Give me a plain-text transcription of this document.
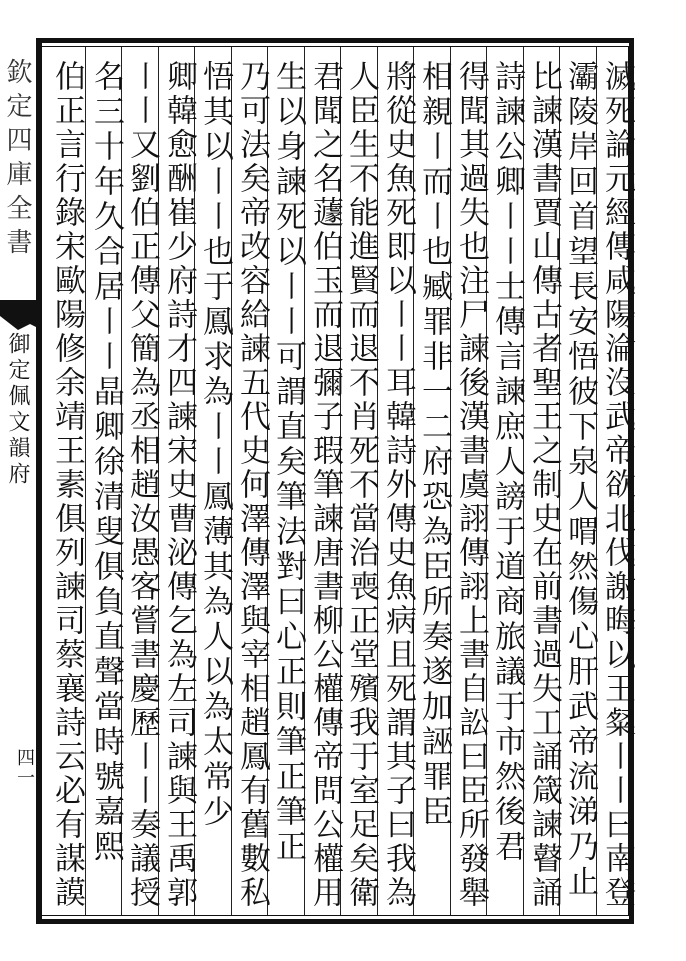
欽定四庫全書
御定佩文韻府
四一	滅死論元經傳咸陽淪沒武帝欲北伐謝晦以王粲〡〡曰南登
灞陵岸回首望長安悟彼下泉人喟然傷心肝武帝流涕乃止
比諫漢書賈山傳古者聖王之制史在前書過失工誦箴諫瞽誦
詩諫公卿〡〡士傳言諫庶人謗于道商旅議于市然後君
得聞其過失也注尸諫後漢書虞詡傳詡上書自訟曰臣所發舉
相親〡而〡也臧罪非一二府恐為臣所奏遂加誣罪臣
將從史魚死即以〡〡耳韓詩外傳史魚病且死謂其子曰我為
人臣生不能進賢而退不肖死不當治喪正堂殯我于室足矣衛
君聞之名蘧伯玉而退彌子瑕筆諫唐書柳公權傳帝問公權用
生以身諫死以〡〡可謂直矣筆法對曰心正則筆正筆正
乃可法矣帝改容給諫五代史何澤傳澤與宰相趙鳳有舊數私
悟其以〡〡也于鳳求為〡〡鳳薄其為人以為太常少
卿韓愈酬崔少府詩才四諫宋史曹泌傳乞為左司諫與王禹郭
〡〡又劉伯正傳父簡為丞相趙汝愚客嘗書慶歷〡〡奏議授
名三十年久合居〡〡晶卿徐清叟俱負直聲當時號嘉熙
伯正言行錄宋歐陽修余靖王素俱列諫司蔡襄詩云必有謀謨
